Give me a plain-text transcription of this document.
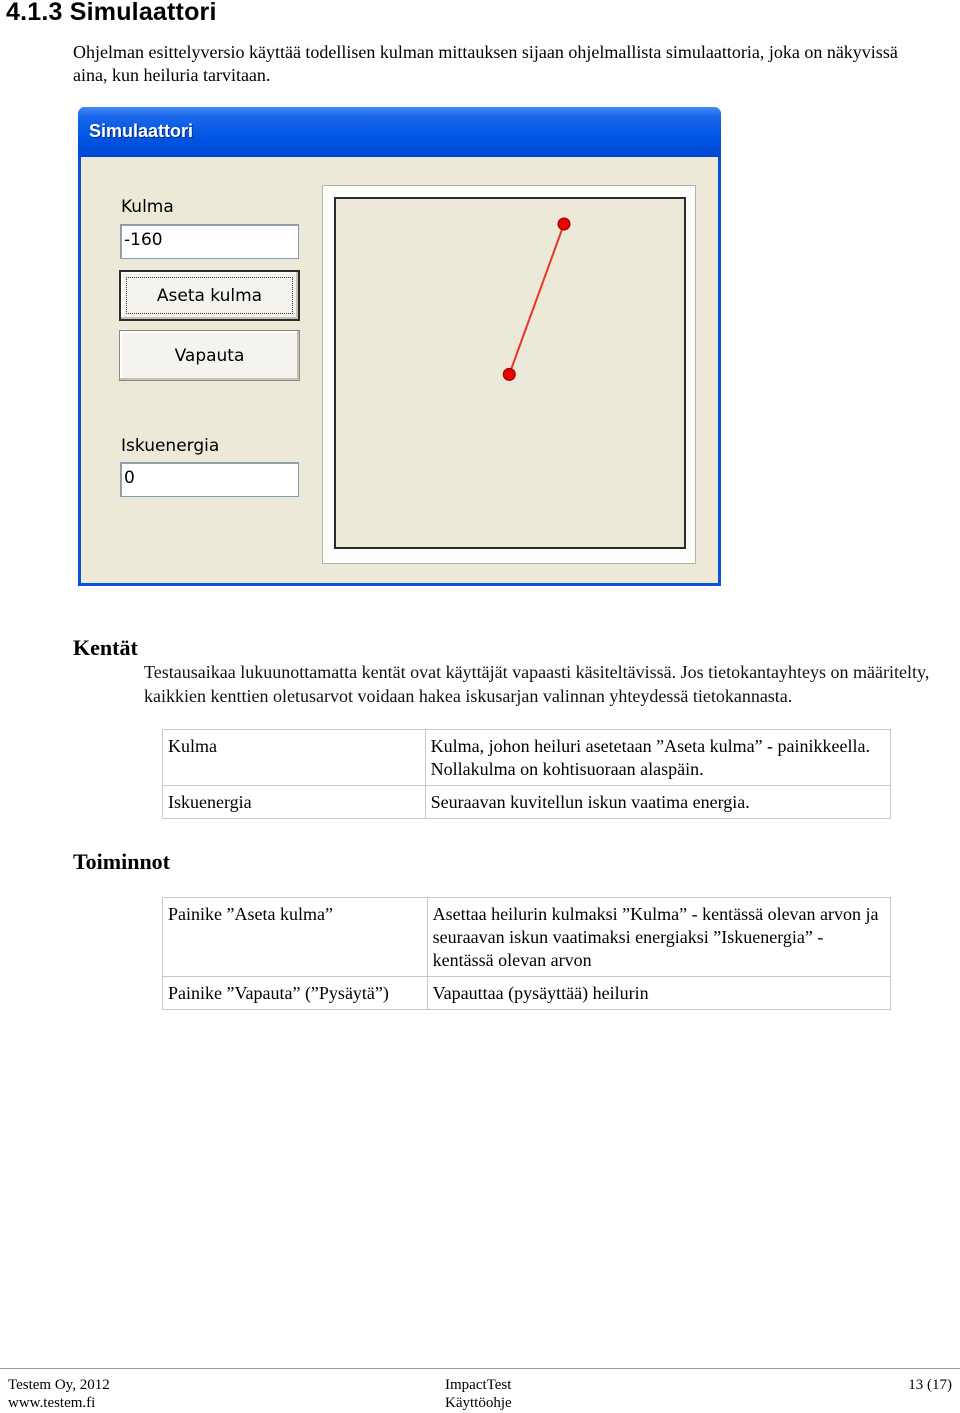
4.1.3 Simulaattori
Ohjelman esittelyversio käyttää todellisen kulman mittauksen sijaan ohjelmallista simulaattoria, joka on näkyvissä aina, kun heiluria tarvitaan.
Simulaattori
Kulma
-160
Aseta kulma
Vapauta
Iskuenergia
0
Kentät
Testausaikaa lukuunottamatta kentät ovat käyttäjät vapaasti käsiteltävissä. Jos tietokantayhteys on määritelty, kaikkien kenttien oletusarvot voidaan hakea iskusarjan valinnan yhteydessä tietokannasta.
Kulma	Kulma, johon heiluri asetetaan ”Aseta kulma” - painikkeella. Nollakulma on kohtisuoraan alaspäin.
Iskuenergia	Seuraavan kuvitellun iskun vaatima energia.
Toiminnot
Painike ”Aseta kulma”	Asettaa heilurin kulmaksi ”Kulma” - kentässä olevan arvon ja seuraavan iskun vaatimaksi energiaksi ”Iskuenergia” - kentässä olevan arvon
Painike ”Vapauta” (”Pysäytä”)	Vapauttaa (pysäyttää) heilurin
Testem Oy, 2012
www.testem.fi
ImpactTest
Käyttöohje
13 (17)
